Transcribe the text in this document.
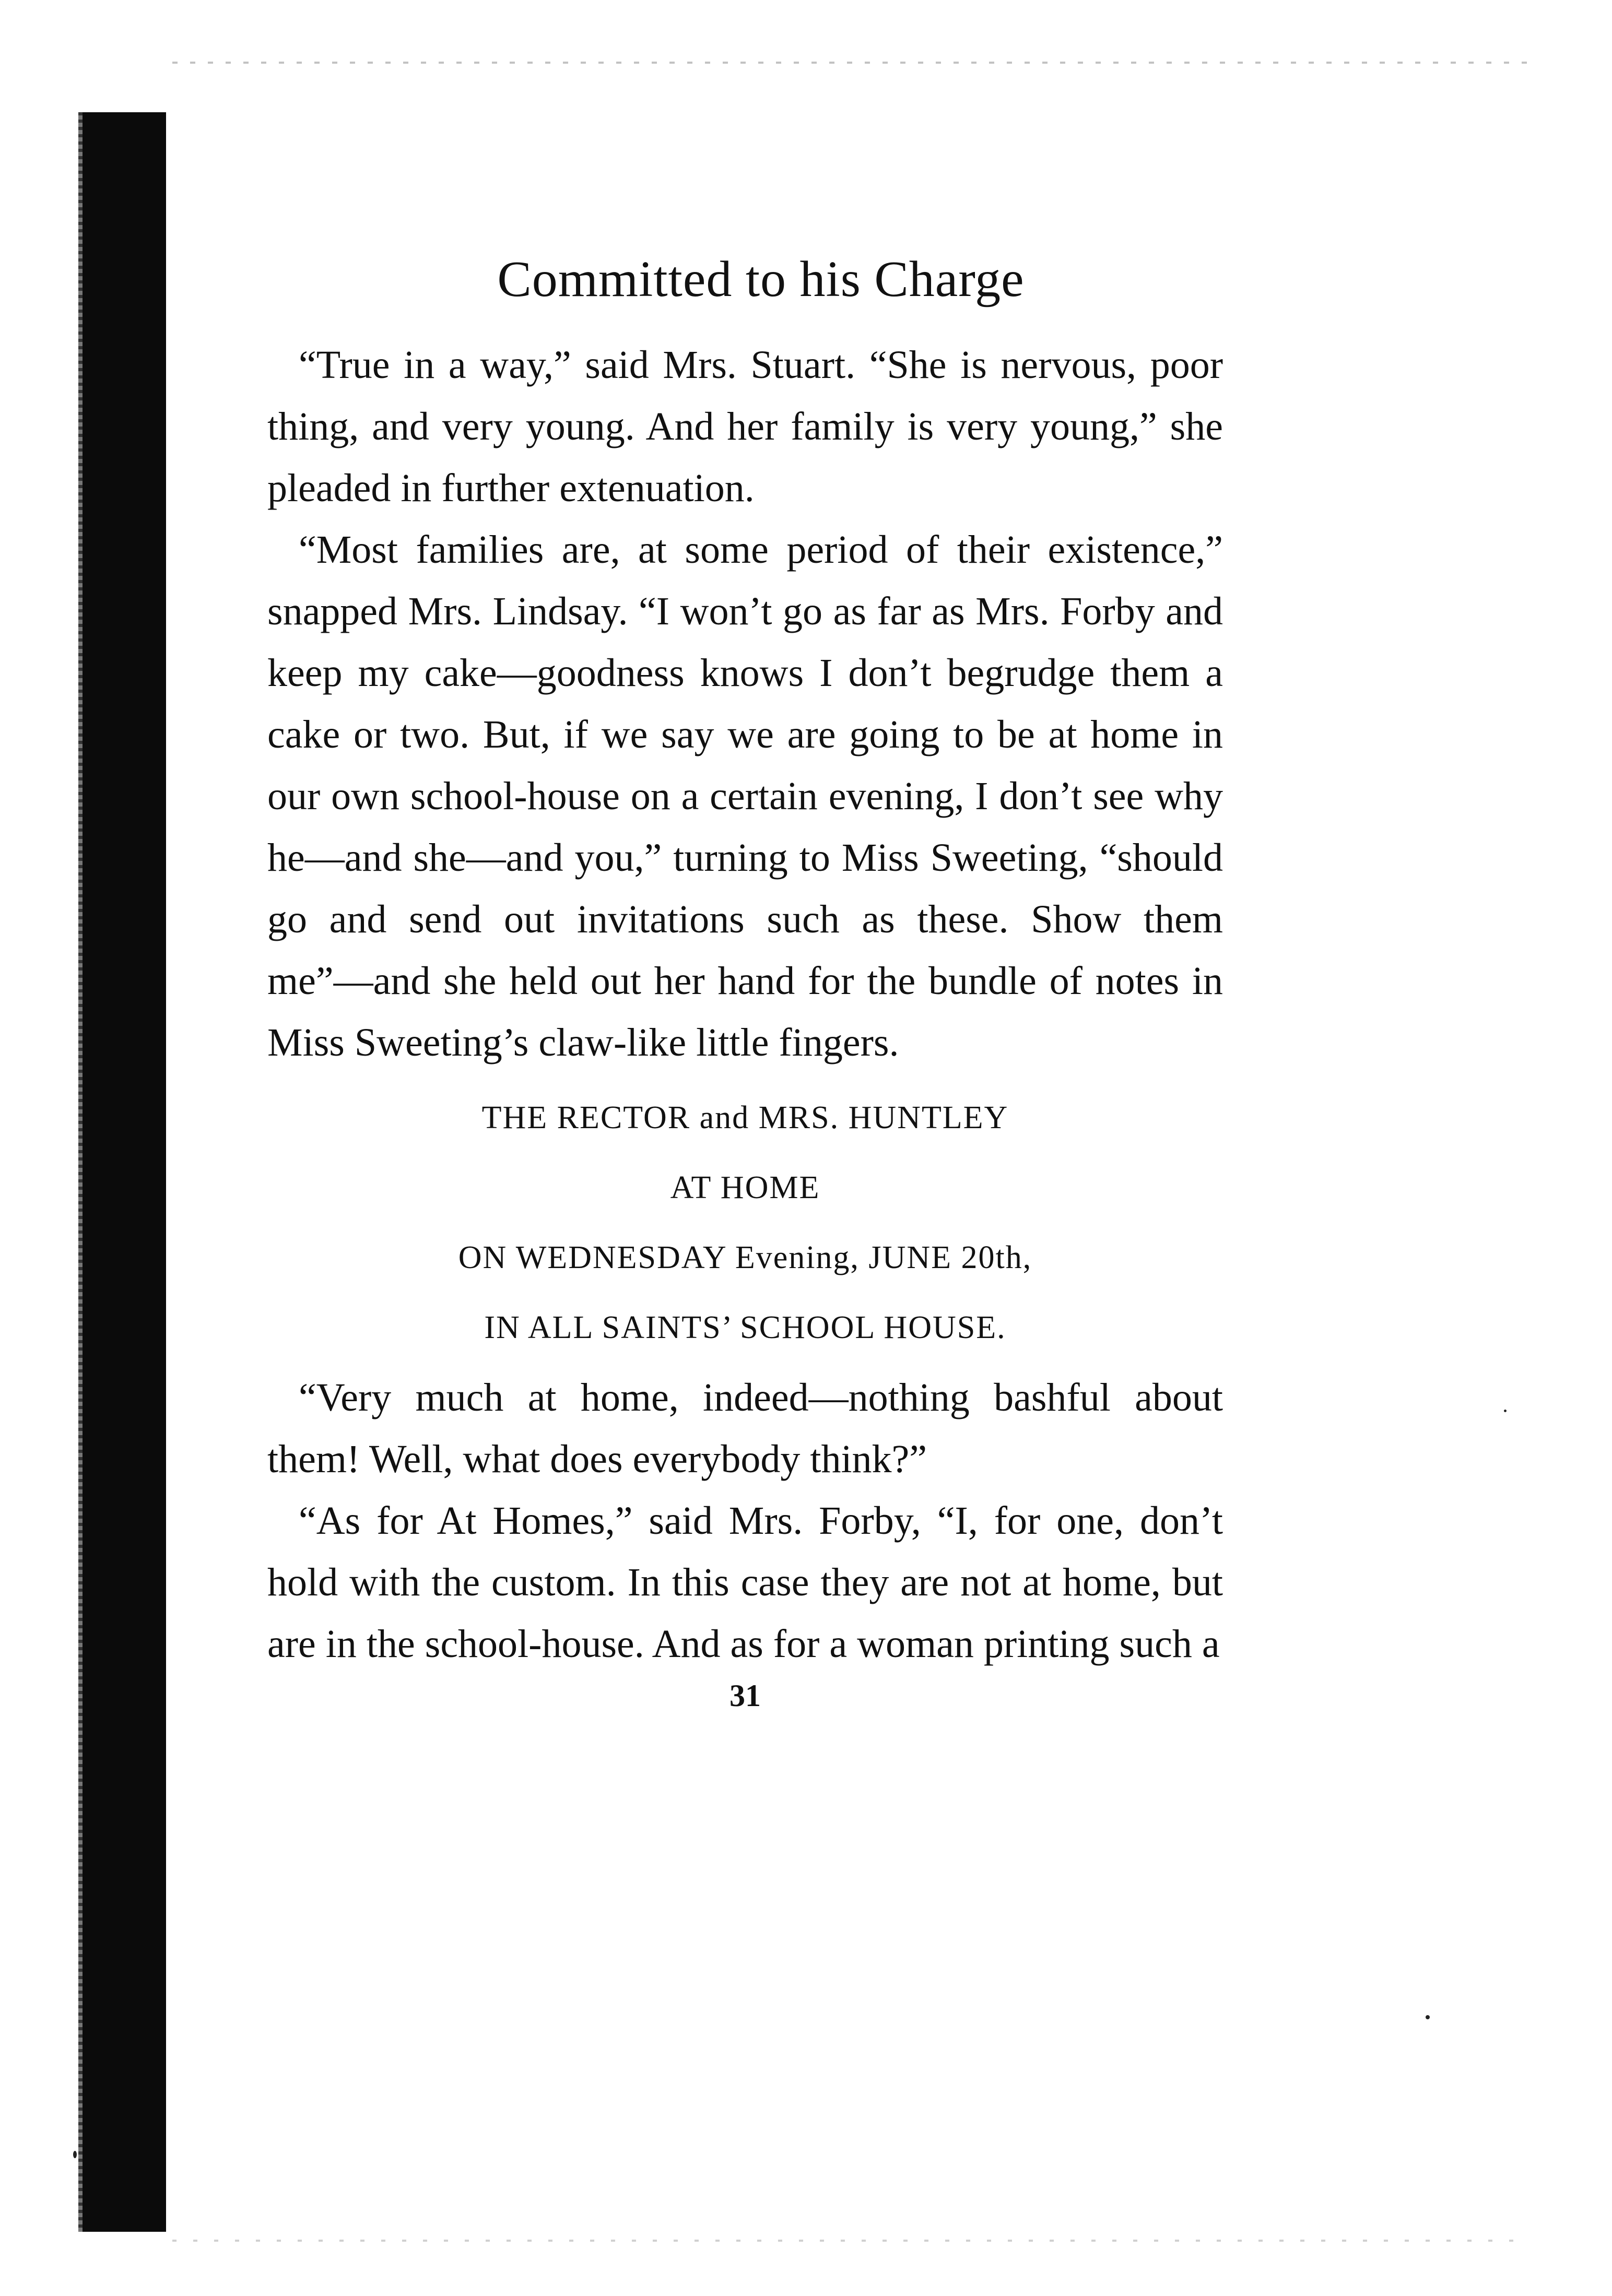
Committed to his Charge

“True in a way,” said Mrs. Stuart. “She is nervous, poor thing, and very young. And her family is very young,” she pleaded in further extenuation.

“Most families are, at some period of their existence,” snapped Mrs. Lindsay. “I won’t go as far as Mrs. Forby and keep my cake—goodness knows I don’t begrudge them a cake or two. But, if we say we are going to be at home in our own school-house on a certain evening, I don’t see why he—and she—and you,” turning to Miss Sweeting, “should go and send out invitations such as these. Show them me”—and she held out her hand for the bundle of notes in Miss Sweeting’s claw-like little fingers.

THE RECTOR and MRS. HUNTLEY
AT HOME
ON WEDNESDAY Evening, JUNE 20th,
IN ALL SAINTS’ SCHOOL HOUSE.

“Very much at home, indeed—nothing bashful about them! Well, what does everybody think?”

“As for At Homes,” said Mrs. Forby, “I, for one, don’t hold with the custom. In this case they are not at home, but are in the school-house. And as for a woman printing such a

31
